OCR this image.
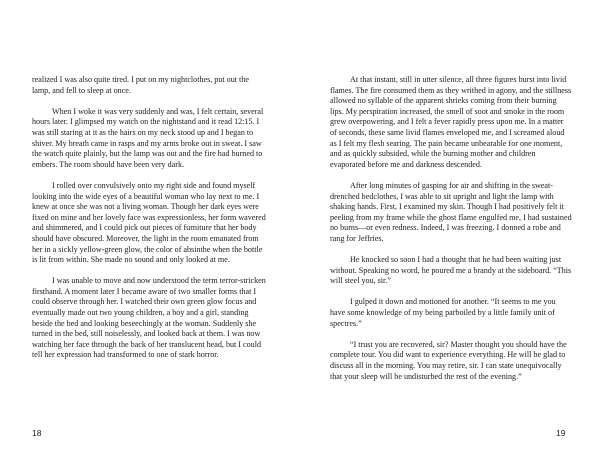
realized I was also quite tired. I put on my nightclothes, put out the lamp, and fell to sleep at once.

When I woke it was very suddenly and was, I felt certain, several hours later. I glimpsed my watch on the nightstand and it read 12:15. I was still staring at it as the hairs on my neck stood up and I began to shiver. My breath came in rasps and my arms broke out in sweat. I saw the watch quite plainly, but the lamp was out and the fire had burned to embers. The room should have been very dark.

I rolled over convulsively onto my right side and found myself looking into the wide eyes of a beautiful woman who lay next to me. I knew at once she was not a living woman. Though her dark eyes were fixed on mine and her lovely face was expressionless, her form wavered and shimmered, and I could pick out pieces of furniture that her body should have obscured. Moreover, the light in the room emanated from her in a sickly yellow-green glow, the color of absinthe when the bottle is lit from within. She made no sound and only looked at me.

I was unable to move and now understood the term terror-stricken firsthand. A moment later I became aware of two smaller forms that I could observe through her. I watched their own green glow focus and eventually made out two young children, a boy and a girl, standing beside the bed and looking beseechingly at the woman. Suddenly she turned in the bed, still noiselessly, and looked back at them. I was now watching her face through the back of her translucent head, but I could tell her expression had transformed to one of stark horror.

18

At that instant, still in utter silence, all three figures burst into livid flames. The fire consumed them as they writhed in agony, and the stillness allowed no syllable of the apparent shrieks coming from their burning lips. My perspiration increased, the smell of soot and smoke in the room grew overpowering, and I felt a fever rapidly press upon me. In a matter of seconds, these same livid flames enveloped me, and I screamed aloud as I felt my flesh searing. The pain became unbearable for one moment, and as quickly subsided, while the burning mother and children evaporated before me and darkness descended.

After long minutes of gasping for air and shifting in the sweat-drenched bedclothes, I was able to sit upright and light the lamp with shaking hands. First, I examined my skin. Though I had positively felt it peeling from my frame while the ghost flame engulfed me, I had sustained no burns—or even redness. Indeed, I was freezing. I donned a robe and rang for Jeffries.

He knocked so soon I had a thought that he had been waiting just without. Speaking no word, he poured me a brandy at the sideboard. “This will steel you, sir.”

I gulped it down and motioned for another. “It seems to me you have some knowledge of my being parboiled by a little family unit of spectres.”

“I trust you are recovered, sir? Master thought you should have the complete tour. You did want to experience everything. He will be glad to discuss all in the morning. You may retire, sir. I can state unequivocally that your sleep will be undisturbed the rest of the evening.”

19
